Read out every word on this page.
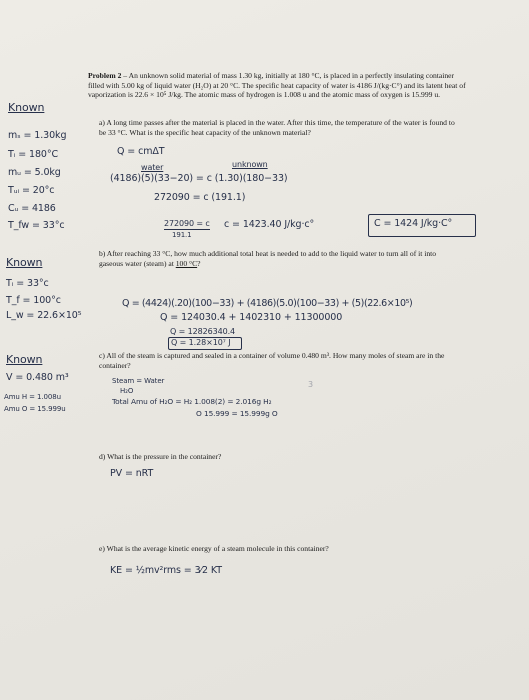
Problem 2 – An unknown solid material of mass 1.30 kg, initially at 180 °C, is placed in a perfectly insulating container filled with 5.00 kg of liquid water (H₂O) at 20 °C. The specific heat capacity of water is 4186 J/(kg·C°) and its latent heat of vaporization is 22.6 × 10⁵ J/kg. The atomic mass of hydrogen is 1.008 u and the atomic mass of oxygen is 15.999 u.
a) A long time passes after the material is placed in the water. After this time, the temperature of the water is found to be 33 °C. What is the specific heat capacity of the unknown material?
b) After reaching 33 °C, how much additional total heat is needed to add to the liquid water to turn all of it into gaseous water (steam) at 100 °C?
c) All of the steam is captured and sealed in a container of volume 0.480 m³. How many moles of steam are in the container?
d) What is the pressure in the container?
e) What is the average kinetic energy of a steam molecule in this container?
Known
mₛ = 1.30kg
Tᵢ = 180°C
mᵤ = 5.0kg
Tᵤᵢ = 20°c
Cᵤ = 4186
T_fw = 33°c
Known
Tᵢ = 33°c
T_f = 100°c
L_w = 22.6×10⁵
Known
V = 0.480 m³
Amu H = 1.008u
Amu O = 15.999u
Q = cmΔT
water	unknown
(4186)(5)(33−20) = c (1.30)(180−33)
272090 = c (191.1)
272090 = c
191.1
c = 1423.40 J/kg·c°	C = 1424 J/kg·C°
Q = (4424)(.20)(100−33) + (4186)(5.0)(100−33) + (5)(22.6×10⁵)
Q = 124030.4 + 1402310 + 11300000
Q = 12826340.4
Q = 1.28×10⁷ J
Steam = Water
H₂O
Total Amu of H₂O = H₂ 1.008(2) = 2.016g H₂
O 15.999 = 15.999g O
3
PV = nRT
KE = ½mv²rms = 3⁄2 KT
